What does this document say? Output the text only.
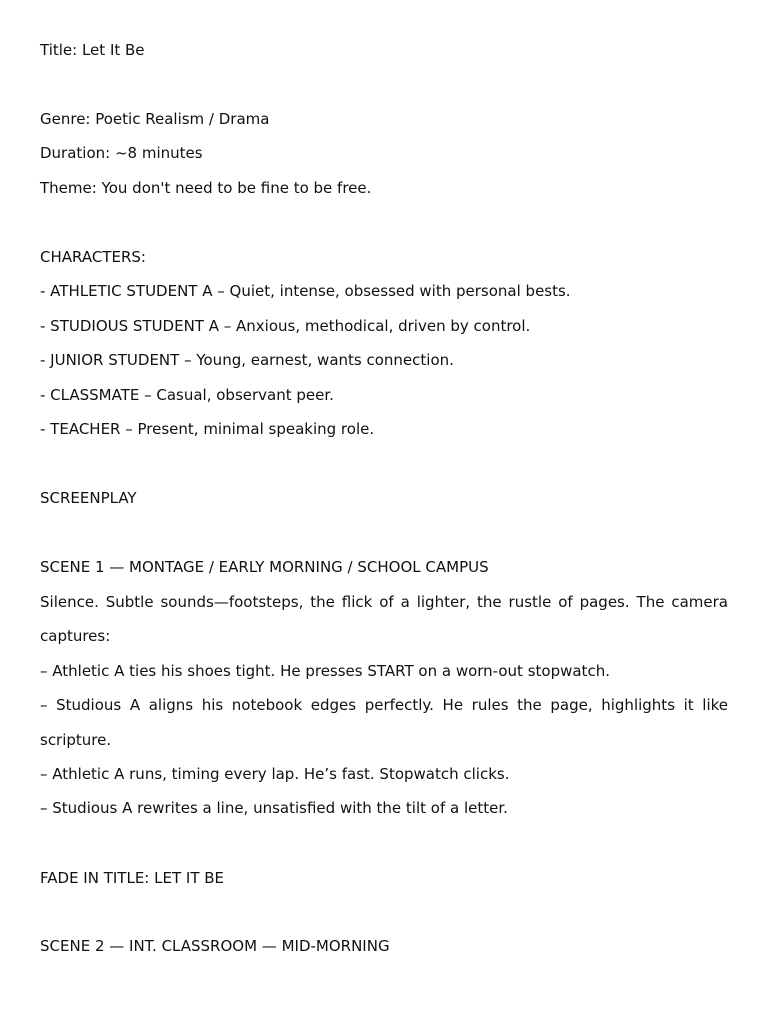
Title: Let It Be
Genre: Poetic Realism / Drama
Duration: ~8 minutes
Theme: You don't need to be fine to be free.
CHARACTERS:
- ATHLETIC STUDENT A – Quiet, intense, obsessed with personal bests.
- STUDIOUS STUDENT A – Anxious, methodical, driven by control.
- JUNIOR STUDENT – Young, earnest, wants connection.
- CLASSMATE – Casual, observant peer.
- TEACHER – Present, minimal speaking role.
SCREENPLAY
SCENE 1 — MONTAGE / EARLY MORNING / SCHOOL CAMPUS
Silence. Subtle sounds—footsteps, the flick of a lighter, the rustle of pages. The camera
captures:
– Athletic A ties his shoes tight. He presses START on a worn-out stopwatch.
– Studious A aligns his notebook edges perfectly. He rules the page, highlights it like
scripture.
– Athletic A runs, timing every lap. He’s fast. Stopwatch clicks.
– Studious A rewrites a line, unsatisfied with the tilt of a letter.
FADE IN TITLE: LET IT BE
SCENE 2 — INT. CLASSROOM — MID-MORNING
